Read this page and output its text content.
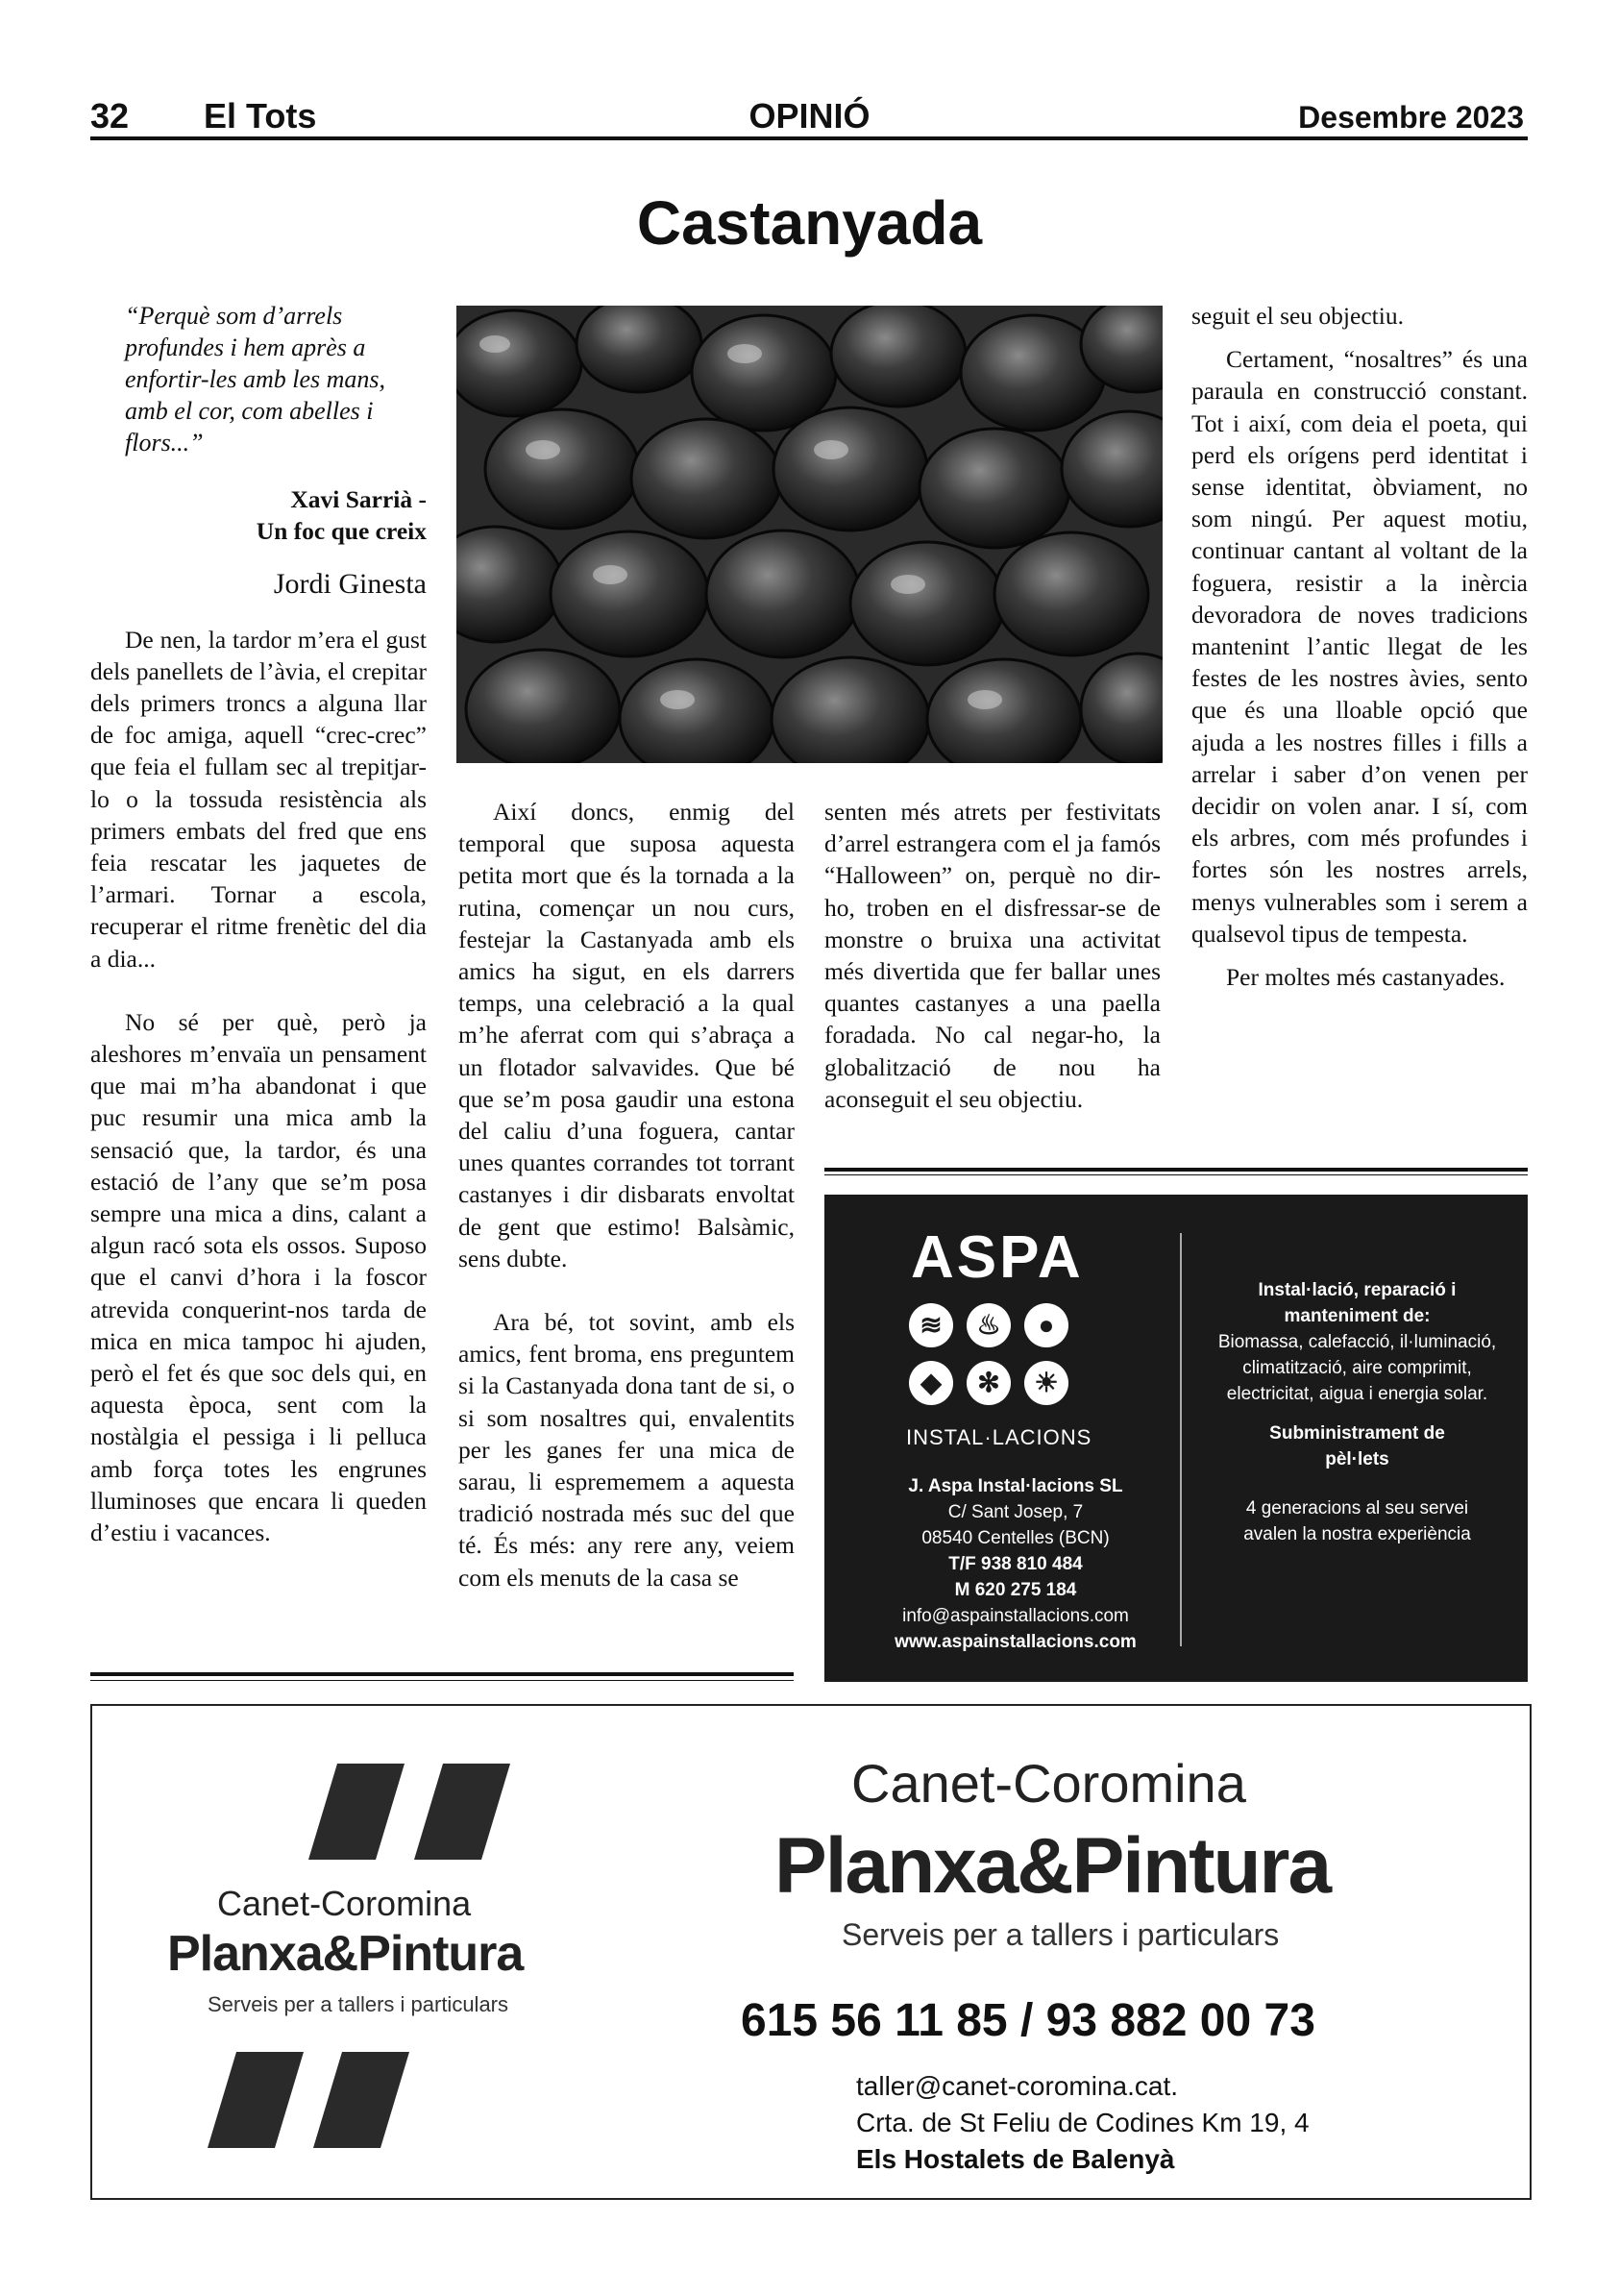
32 El Tots	OPINIÓ	Desembre 2023
Castanyada
“Perquè som d’arrels profundes i hem après a enfortir-les amb les mans, amb el cor, com abelles i flors...”
Xavi Sarrià -
Un foc que creix
Jordi Ginesta

De nen, la tardor m’era el gust dels panellets de l’àvia, el crepitar dels primers troncs a alguna llar de foc amiga, aquell “crec-crec” que feia el fullam sec al trepitjar-lo o la tossuda resistència als primers embats del fred que ens feia rescatar les jaquetes de l’armari. Tornar a escola, recuperar el ritme frenètic del dia a dia...

No sé per què, però ja aleshores m’envaïa un pensament que mai m’ha abandonat i que puc resumir una mica amb la sensació que, la tardor, és una estació de l’any que se’m posa sempre una mica a dins, calant a algun racó sota els ossos. Suposo que el canvi d’hora i la foscor atrevida conquerint-nos tarda de mica en mica tampoc hi ajuden, però el fet és que soc dels qui, en aquesta època, sent com la nostàlgia el pessiga i li pelluca amb força totes les engrunes lluminoses que encara li queden d’estiu i vacances.

Així doncs, enmig del temporal que suposa aquesta petita mort que és la tornada a la rutina, començar un nou curs, festejar la Castanyada amb els amics ha sigut, en els darrers temps, una celebració a la qual m’he aferrat com qui s’abraça a un flotador salvavides. Que bé que se’m posa gaudir una estona del caliu d’una foguera, cantar unes quantes corrandes tot torrant castanyes i dir disbarats envoltat de gent que estimo! Balsàmic, sens dubte.

Ara bé, tot sovint, amb els amics, fent broma, ens preguntem si la Castanyada dona tant de si, o si som nosaltres qui, envalentits per les ganes fer una mica de sarau, li esprememem a aquesta tradició nostrada més suc del que té. És més: any rere any, veiem com els menuts de la casa se

senten més atrets per festivitats d’arrel estrangera com el ja famós “Halloween” on, perquè no dir-ho, troben en el disfressar-se de monstre o bruixa una activitat més divertida que fer ballar unes quantes castanyes a una paella foradada. No cal negar-ho, la globalització de nou ha aconseguit el seu objectiu.

seguit el seu objectiu.

Certament, “nosaltres” és una paraula en construcció constant. Tot i així, com deia el poeta, qui perd els orígens perd identitat i sense identitat, òbviament, no som ningú. Per aquest motiu, continuar cantant al voltant de la foguera, resistir a la inèrcia devoradora de noves tradicions mantenint l’antic llegat de les festes de les nostres àvies, sento que és una lloable opció que ajuda a les nostres filles i fills a arrelar i saber d’on venen per decidir on volen anar. I sí, com els arbres, com més profundes i fortes són les nostres arrels, menys vulnerables som i serem a qualsevol tipus de tempesta.

Per moltes més castanyades.

ASPA
≋	♨	●
◆	✻	☀
INSTAL·LACIONS
J. Aspa Instal·lacions SL
C/ Sant Josep, 7
08540 Centelles (BCN)
T/F 938 810 484
M 620 275 184
info@aspainstallacions.com
www.aspainstallacions.com
Instal·lació, reparació i manteniment de:
Biomassa, calefacció, il·luminació, climatització, aire comprimit, electricitat, aigua i energia solar.
Subministrament de pèl·lets
4 generacions al seu servei avalen la nostra experiència
Canet-Coromina
Planxa&Pintura
Serveis per a tallers i particulars
Canet-Coromina
Planxa&Pintura
Serveis per a tallers i particulars
615 56 11 85 / 93 882 00 73
taller@canet-coromina.cat.
Crta. de St Feliu de Codines Km 19, 4
Els Hostalets de Balenyà
